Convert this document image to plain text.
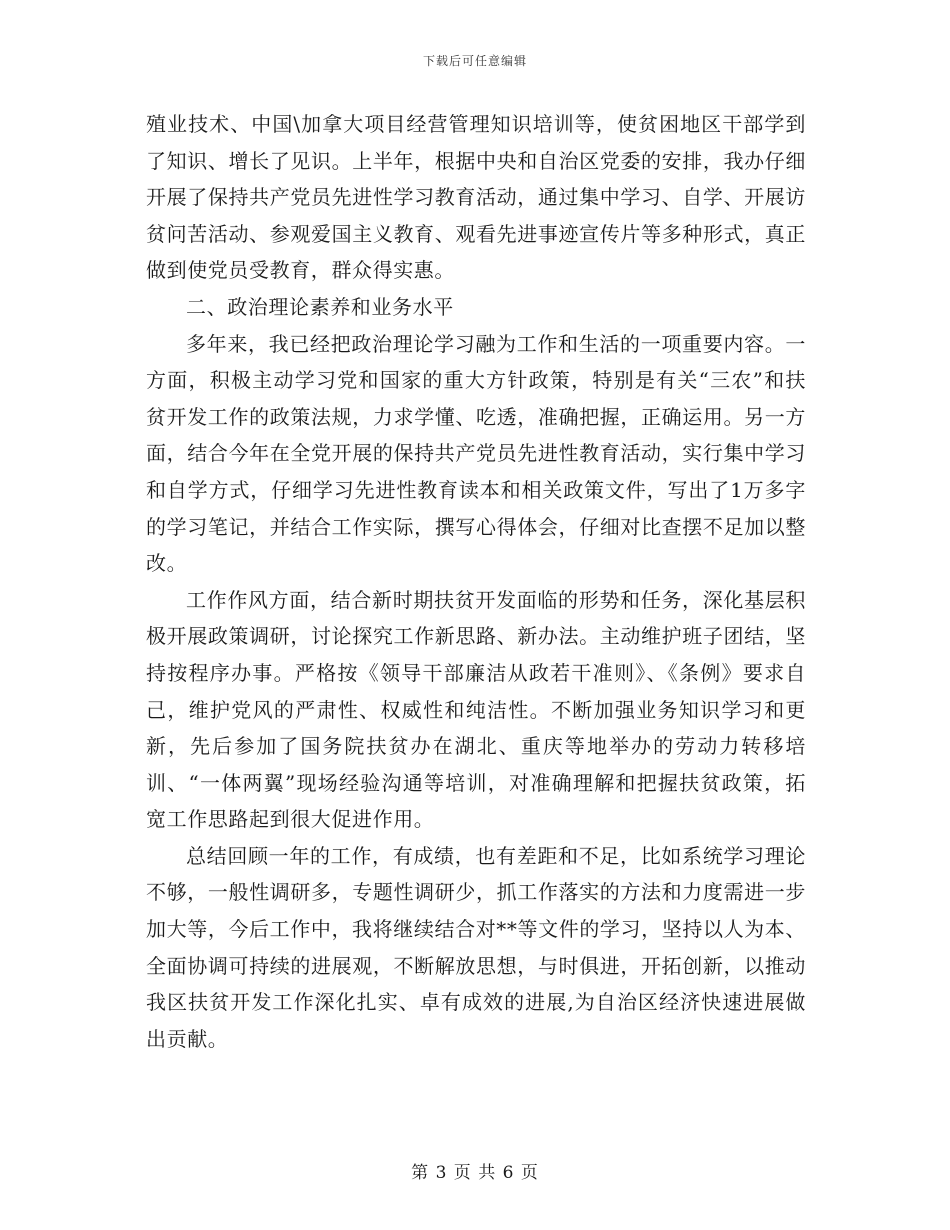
下载后可任意编辑

殖业技术、中国\加拿大项目经营管理知识培训等，使贫困地区干部学到了知识、增长了见识。上半年，根据中央和自治区党委的安排，我办仔细开展了保持共产党员先进性学习教育活动，通过集中学习、自学、开展访贫问苦活动、参观爱国主义教育、观看先进事迹宣传片等多种形式，真正做到使党员受教育，群众得实惠。

二、政治理论素养和业务水平

多年来，我已经把政治理论学习融为工作和生活的一项重要内容。一方面，积极主动学习党和国家的重大方针政策，特别是有关“三农”和扶贫开发工作的政策法规，力求学懂、吃透，准确把握，正确运用。另一方面，结合今年在全党开展的保持共产党员先进性教育活动，实行集中学习和自学方式，仔细学习先进性教育读本和相关政策文件，写出了1万多字的学习笔记，并结合工作实际，撰写心得体会，仔细对比查摆不足加以整改。

工作作风方面，结合新时期扶贫开发面临的形势和任务，深化基层积极开展政策调研，讨论探究工作新思路、新办法。主动维护班子团结，坚持按程序办事。严格按《领导干部廉洁从政若干准则》、《条例》要求自己，维护党风的严肃性、权威性和纯洁性。不断加强业务知识学习和更新，先后参加了国务院扶贫办在湖北、重庆等地举办的劳动力转移培训、“一体两翼”现场经验沟通等培训，对准确理解和把握扶贫政策，拓宽工作思路起到很大促进作用。

总结回顾一年的工作，有成绩，也有差距和不足，比如系统学习理论不够，一般性调研多，专题性调研少，抓工作落实的方法和力度需进一步加大等，今后工作中，我将继续结合对**等文件的学习，坚持以人为本、全面协调可持续的进展观，不断解放思想，与时俱进，开拓创新，以推动我区扶贫开发工作深化扎实、卓有成效的进展,为自治区经济快速进展做出贡献。

第 3 页 共 6 页
